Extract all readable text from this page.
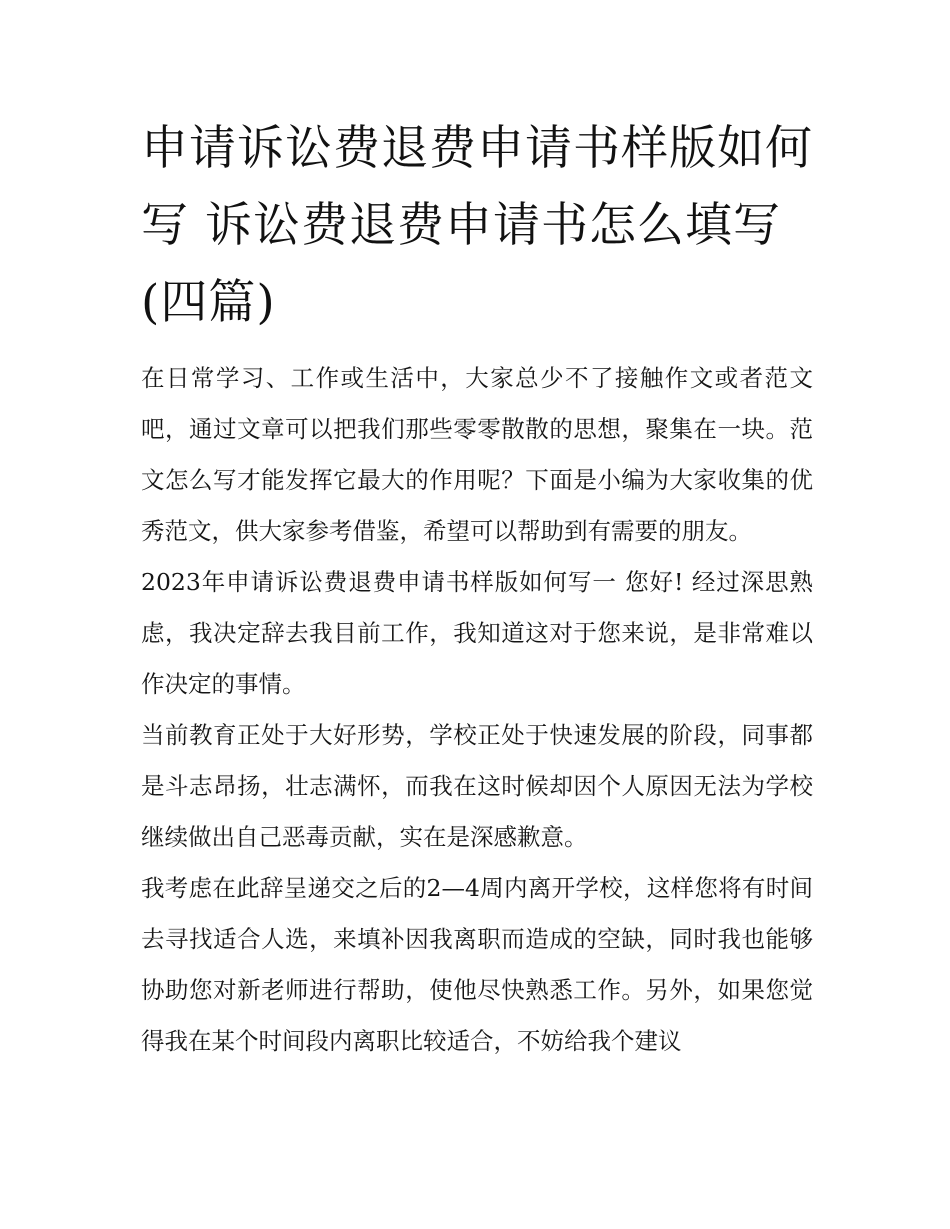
申请诉讼费退费申请书样版如何写 诉讼费退费申请书怎么填写(四篇)

在日常学习、工作或生活中，大家总少不了接触作文或者范文吧，通过文章可以把我们那些零零散散的思想，聚集在一块。范文怎么写才能发挥它最大的作用呢？下面是小编为大家收集的优秀范文，供大家参考借鉴，希望可以帮助到有需要的朋友。

2023年申请诉讼费退费申请书样版如何写一 您好! 经过深思熟虑，我决定辞去我目前工作，我知道这对于您来说，是非常难以作决定的事情。

当前教育正处于大好形势，学校正处于快速发展的阶段，同事都是斗志昂扬，壮志满怀，而我在这时候却因个人原因无法为学校继续做出自己恶毒贡献，实在是深感歉意。

我考虑在此辞呈递交之后的2—4周内离开学校，这样您将有时间去寻找适合人选，来填补因我离职而造成的空缺，同时我也能够协助您对新老师进行帮助，使他尽快熟悉工作。另外，如果您觉得我在某个时间段内离职比较适合，不妨给我个建议
